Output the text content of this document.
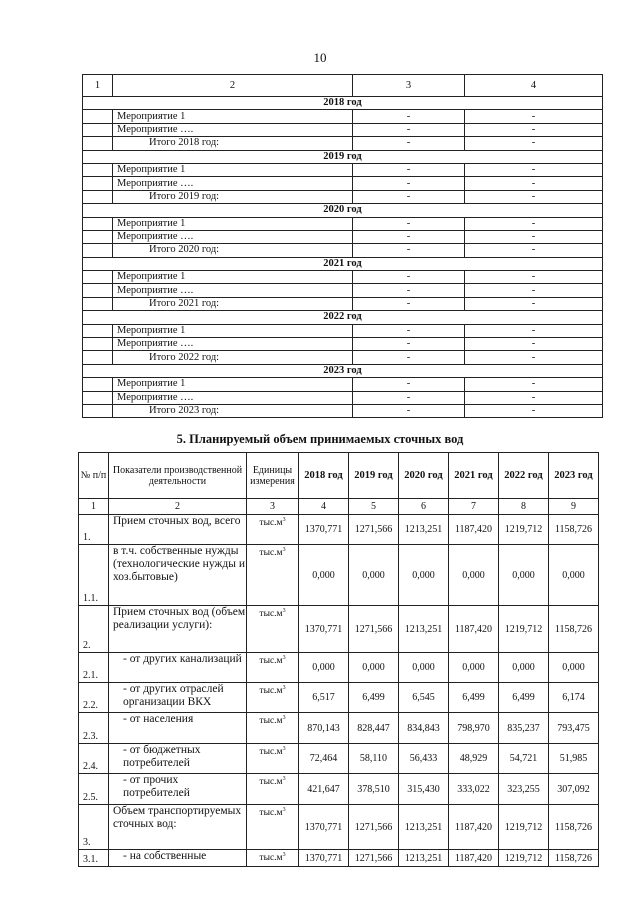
10
1	2	3	4
2018 год			
	Мероприятие 1	-	-
	Мероприятие ….	-	-
	Итого 2018 год:	-	-
2019 год			
	Мероприятие 1	-	-
	Мероприятие ….	-	-
	Итого 2019 год:	-	-
2020 год			
	Мероприятие 1	-	-
	Мероприятие ….	-	-
	Итого 2020 год:	-	-
2021 год			
	Мероприятие 1	-	-
	Мероприятие ….	-	-
	Итого 2021 год:	-	-
2022 год			
	Мероприятие 1	-	-
	Мероприятие ….	-	-
	Итого 2022 год:	-	-
2023 год			
	Мероприятие 1	-	-
	Мероприятие ….	-	-
	Итого 2023 год:	-	-
5. Планируемый объем принимаемых сточных вод
№ п/п	Показатели производственной деятельности	Единицы измерения	2018 год	2019 год	2020 год	2021 год	2022 год	2023 год
1	2	3	4	5	6	7	8	9
1.	Прием сточных вод, всего	$тыс.м^3$	1370,771	1271,566	1213,251	1187,420	1219,712	1158,726
1.1.	в т.ч. собственные нужды (технологические нужды и хоз.бытовые)	$тыс.м^3$	0,000	0,000	0,000	0,000	0,000	0,000
2.	Прием сточных вод (объем реализации услуги):	$тыс.м^3$	1370,771	1271,566	1213,251	1187,420	1219,712	1158,726
2.1.	- от других канализаций	$тыс.м^3$	0,000	0,000	0,000	0,000	0,000	0,000
2.2.	- от других отраслей организации ВКХ	$тыс.м^3$	6,517	6,499	6,545	6,499	6,499	6,174
2.3.	- от населения	$тыс.м^3$	870,143	828,447	834,843	798,970	835,237	793,475
2.4.	- от бюджетных потребителей	$тыс.м^3$	72,464	58,110	56,433	48,929	54,721	51,985
2.5.	- от прочих потребителей	$тыс.м^3$	421,647	378,510	315,430	333,022	323,255	307,092
3.	Объем транспортируемых сточных вод:	$тыс.м^3$	1370,771	1271,566	1213,251	1187,420	1219,712	1158,726
3.1.	- на собственные	$тыс.м^3$	1370,771	1271,566	1213,251	1187,420	1219,712	1158,726
